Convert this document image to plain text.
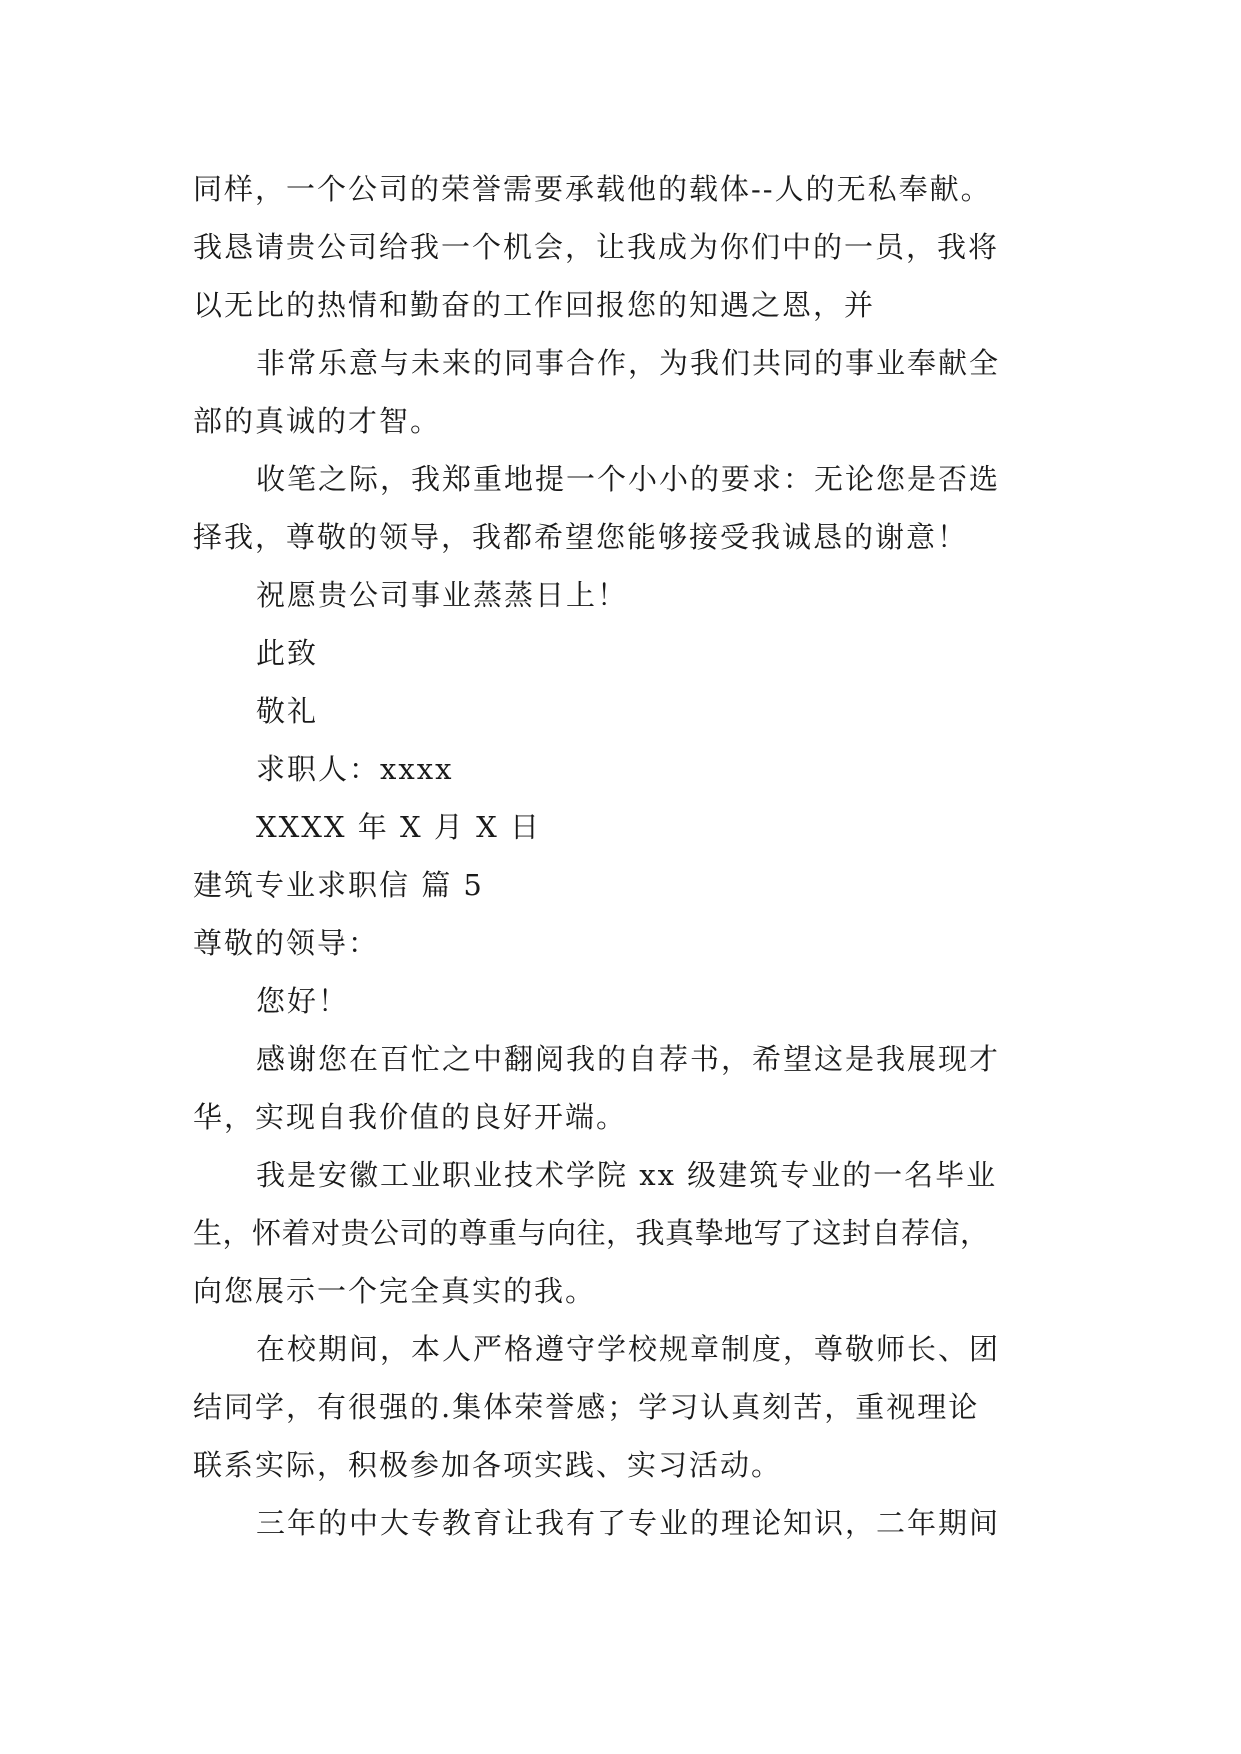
同样，一个公司的荣誉需要承载他的载体--人的无私奉献。

我恳请贵公司给我一个机会，让我成为你们中的一员，我将

以无比的热情和勤奋的工作回报您的知遇之恩，并

非常乐意与未来的同事合作，为我们共同的事业奉献全

部的真诚的才智。

收笔之际，我郑重地提一个小小的要求：无论您是否选

择我，尊敬的领导，我都希望您能够接受我诚恳的谢意！

祝愿贵公司事业蒸蒸日上！

此致

敬礼

求职人：xxxx

XXXX 年 X 月 X 日

建筑专业求职信 篇 5

尊敬的领导：

您好！

感谢您在百忙之中翻阅我的自荐书，希望这是我展现才

华，实现自我价值的良好开端。

我是安徽工业职业技术学院 xx 级建筑专业的一名毕业

生，怀着对贵公司的尊重与向往，我真挚地写了这封自荐信，

向您展示一个完全真实的我。

在校期间，本人严格遵守学校规章制度，尊敬师长、团

结同学，有很强的.集体荣誉感；学习认真刻苦，重视理论

联系实际，积极参加各项实践、实习活动。

三年的中大专教育让我有了专业的理论知识，二年期间
